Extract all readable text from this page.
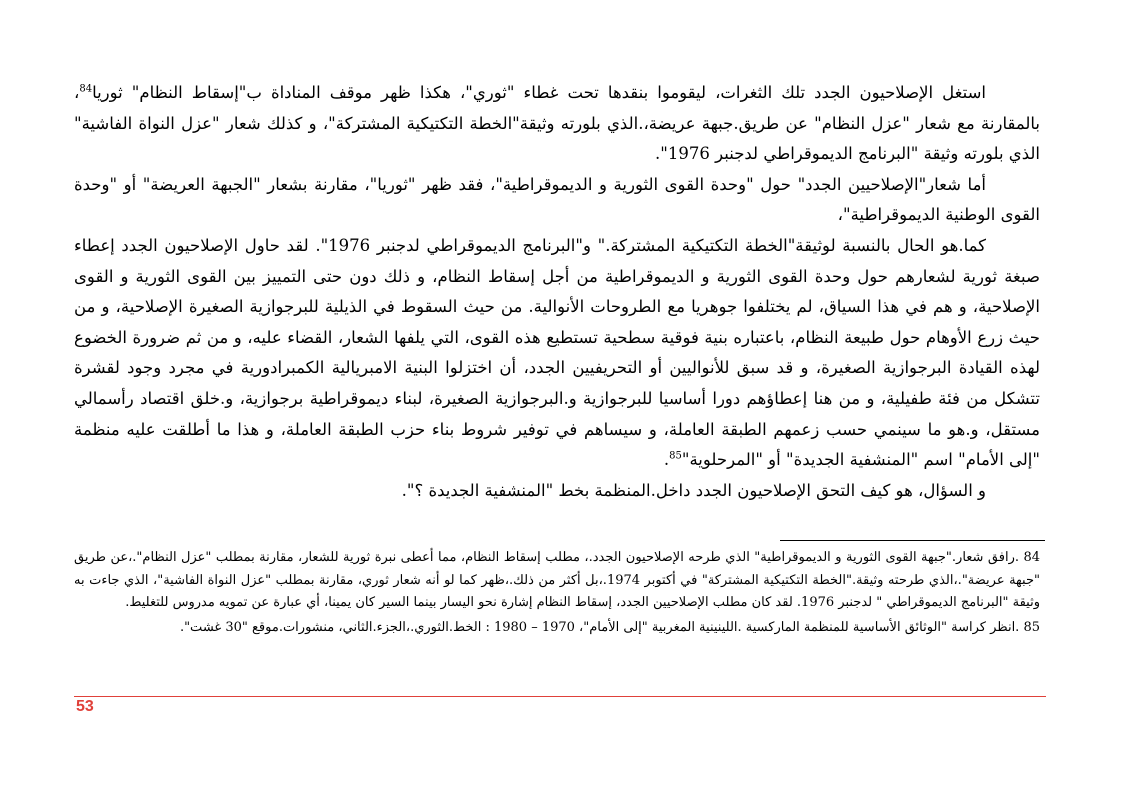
استغل الإصلاحيون الجدد تلك الثغرات، ليقوموا بنقدها تحت غطاء "ثوري"، هكذا ظهر موقف المناداة ب"إسقاط النظام" ثوريا$^{84}$، بالمقارنة مع شعار "عزل النظام" عن طريق.جبهة عريضة،.الذي بلورته وثيقة"الخطة التكتيكية المشتركة"، و كذلك شعار "عزل النواة الفاشية" الذي بلورته وثيقة "البرنامج الديموقراطي لدجنبر 1976".

أما شعار"الإصلاحيين الجدد" حول "وحدة القوى الثورية و الديموقراطية"، فقد ظهر "ثوريا"، مقارنة بشعار "الجبهة العريضة" أو "وحدة القوى الوطنية الديموقراطية"،

كما.هو الحال بالنسبة لوثيقة"الخطة التكتيكية المشتركة." و"البرنامج الديموقراطي لدجنبر 1976". لقد حاول الإصلاحيون الجدد إعطاء صبغة ثورية لشعارهم حول وحدة القوى الثورية و الديموقراطية من أجل إسقاط النظام، و ذلك دون حتى التمييز بين القوى الثورية و القوى الإصلاحية، و هم في هذا السياق، لم يختلفوا جوهريا مع الطروحات الأنوالية. من حيث السقوط في الذيلية للبرجوازية الصغيرة الإصلاحية، و من حيث زرع الأوهام حول طبيعة النظام، باعتباره بنية فوقية سطحية تستطيع هذه القوى، التي يلفها الشعار، القضاء عليه، و من ثم ضرورة الخضوع لهذه القيادة البرجوازية الصغيرة، و قد سبق للأنواليين أو التحريفيين الجدد، أن اختزلوا البنية الامبريالية الكمبرادورية في مجرد وجود لقشرة تتشكل من فئة طفيلية، و من هنا إعطاؤهم دورا أساسيا للبرجوازية و.البرجوازية الصغيرة، لبناء ديموقراطية برجوازية، و.خلق اقتصاد رأسمالي مستقل، و.هو ما سينمي حسب زعمهم الطبقة العاملة، و سيساهم في توفير شروط بناء حزب الطبقة العاملة، و هذا ما أطلقت عليه منظمة "إلى الأمام" اسم "المنشفية الجديدة" أو "المرحلوية"$^{85}$.

و السؤال، هو كيف التحق الإصلاحيون الجدد داخل.المنظمة بخط "المنشفية الجديدة ؟".

84 .رافق شعار."جبهة القوى الثورية و الديموقراطية" الذي طرحه الإصلاحيون الجدد.، مطلب إسقاط النظام، مما أعطى نبرة ثورية للشعار، مقارنة بمطلب "عزل النظام".،عن طريق "جبهة عريضة".،الذي طرحته وثيقة."الخطة التكتيكية المشتركة" في أكتوبر 1974.،بل أكثر من ذلك.،ظهر كما لو أنه شعار ثوري، مقارنة بمطلب "عزل النواة الفاشية"، الذي جاءت به وثيقة "البرنامج الديموقراطي " لدجنبر 1976. لقد كان مطلب الإصلاحيين الجدد، إسقاط النظام إشارة نحو اليسار بينما السير كان يمينا، أي عبارة عن تمويه مدروس للتغليط.

85 .انظر كراسة "الوثائق الأساسية للمنظمة الماركسية .اللينينية المغربية "إلى الأمام"، 1970 – 1980 : الخط.الثوري.،الجزء.الثاني، منشورات.موقع "30 غشت".

53
